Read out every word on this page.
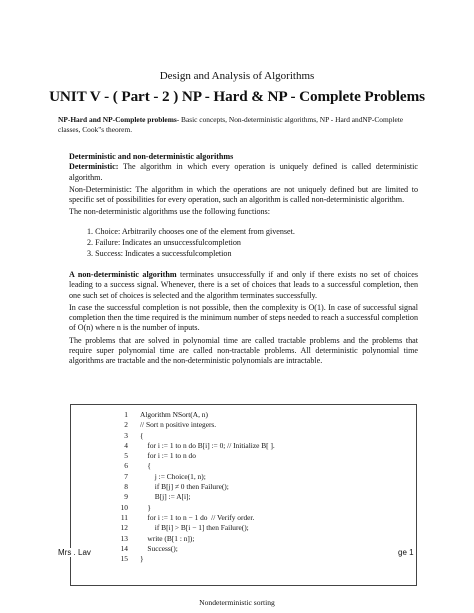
Design and Analysis of Algorithms
UNIT V - ( Part - 2 ) NP - Hard & NP - Complete Problems
NP-Hard and NP-Complete problems- Basic concepts, Non-deterministic algorithms, NP - Hard andNP-Complete classes, Cook"s theorem.
Deterministic and non-deterministic algorithms
Deterministic: The algorithm in which every operation is uniquely defined is called deterministic algorithm.
Non-Deterministic: The algorithm in which the operations are not uniquely defined but are limited to specific set of possibilities for every operation, such an algorithm is called non-deterministic algorithm.
The non-deterministic algorithms use the following functions:
1. Choice: Arbitrarily chooses one of the element from givenset.
2. Failure: Indicates an unsuccessfulcompletion
3. Success: Indicates a successfulcompletion
A non-deterministic algorithm terminates unsuccessfully if and only if there exists no set of choices leading to a success signal. Whenever, there is a set of choices that leads to a successful completion, then one such set of choices is selected and the algorithm terminates successfully.
In case the successful completion is not possible, then the complexity is O(1). In case of successful signal completion then the time required is the minimum number of steps needed to reach a successful completion of O(n) where n is the number of inputs.
The problems that are solved in polynomial time are called tractable problems and the problems that require super polynomial time are called non-tractable problems. All deterministic polynomial time algorithms are tractable and the non-deterministic polynomials are intractable.
1 Algorithm NSort(A, n)
2 // Sort n positive integers.
3 {
4 for i := 1 to n do B[i] := 0; // Initialize B[ ].
5 for i := 1 to n do
6 {
7 j := Choice(1, n);
8 if B[j] ≠ 0 then Failure();
9 B[j] := A[i];
10 }
11 for i := 1 to n − 1 do  // Verify order.
12 if B[i] > B[i − 1] then Failure();
13 write (B[1 : n]);
14 Success();
15 }
Mrs . Lav	ge 1
Nondeterministic sorting
